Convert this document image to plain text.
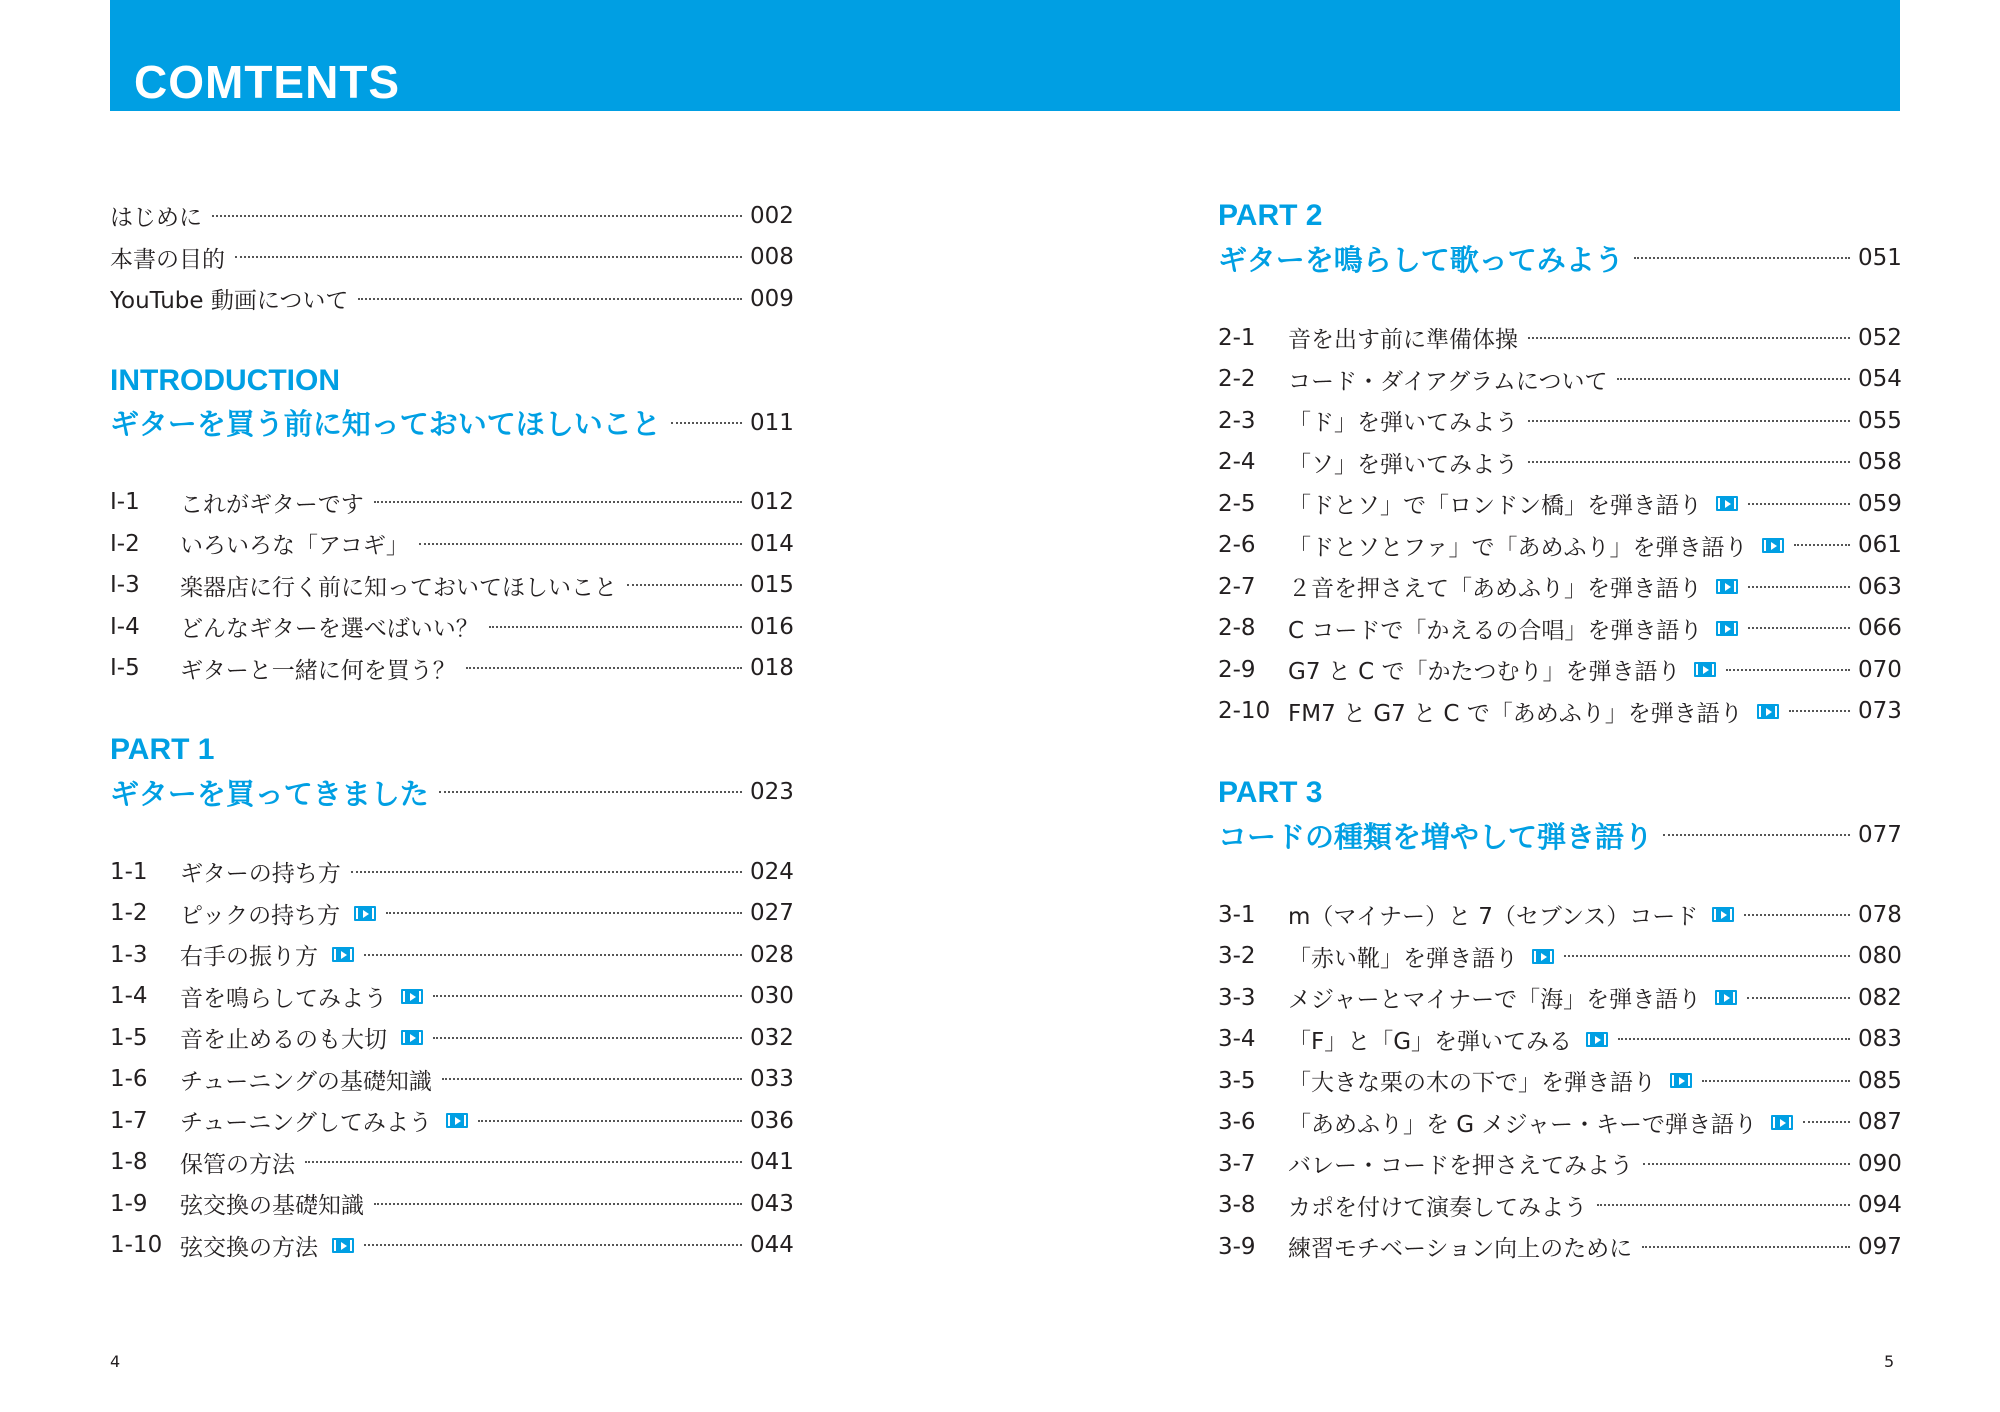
COMTENTS
はじめに	002
本書の目的	008
YouTube 動画について	009
INTRODUCTION
ギターを買う前に知っておいてほしいこと	011
I-1	これがギターです	012
I-2	いろいろな「アコギ」	014
I-3	楽器店に行く前に知っておいてほしいこと	015
I-4	どんなギターを選べばいい？	016
I-5	ギターと一緒に何を買う？	018
PART 1
ギターを買ってきました	023
1-1	ギターの持ち方	024
1-2	ピックの持ち方	027
1-3	右手の振り方	028
1-4	音を鳴らしてみよう	030
1-5	音を止めるのも大切	032
1-6	チューニングの基礎知識	033
1-7	チューニングしてみよう	036
1-8	保管の方法	041
1-9	弦交換の基礎知識	043
1-10 弦交換の方法	044
PART 2
ギターを鳴らして歌ってみよう	051
2-1	音を出す前に準備体操	052
2-2	コード・ダイアグラムについて	054
2-3	「ド」を弾いてみよう	055
2-4	「ソ」を弾いてみよう	058
2-5	「ドとソ」で「ロンドン橋」を弾き語り	059
2-6	「ドとソとファ」で「あめふり」を弾き語り	061
2-7	２音を押さえて「あめふり」を弾き語り	063
2-8	C コードで「かえるの合唱」を弾き語り	066
2-9	G7 と C で「かたつむり」を弾き語り	070
2-10 FM7 と G7 と C で「あめふり」を弾き語り	073
PART 3
コードの種類を増やして弾き語り	077
3-1	m（マイナー）と 7（セブンス）コード	078
3-2	「赤い靴」を弾き語り	080
3-3	メジャーとマイナーで「海」を弾き語り	082
3-4	「F」と「G」を弾いてみる	083
3-5	「大きな栗の木の下で」を弾き語り	085
3-6	「あめふり」を G メジャー・キーで弾き語り	087
3-7	バレー・コードを押さえてみよう	090
3-8	カポを付けて演奏してみよう	094
3-9	練習モチベーション向上のために	097
4	5
